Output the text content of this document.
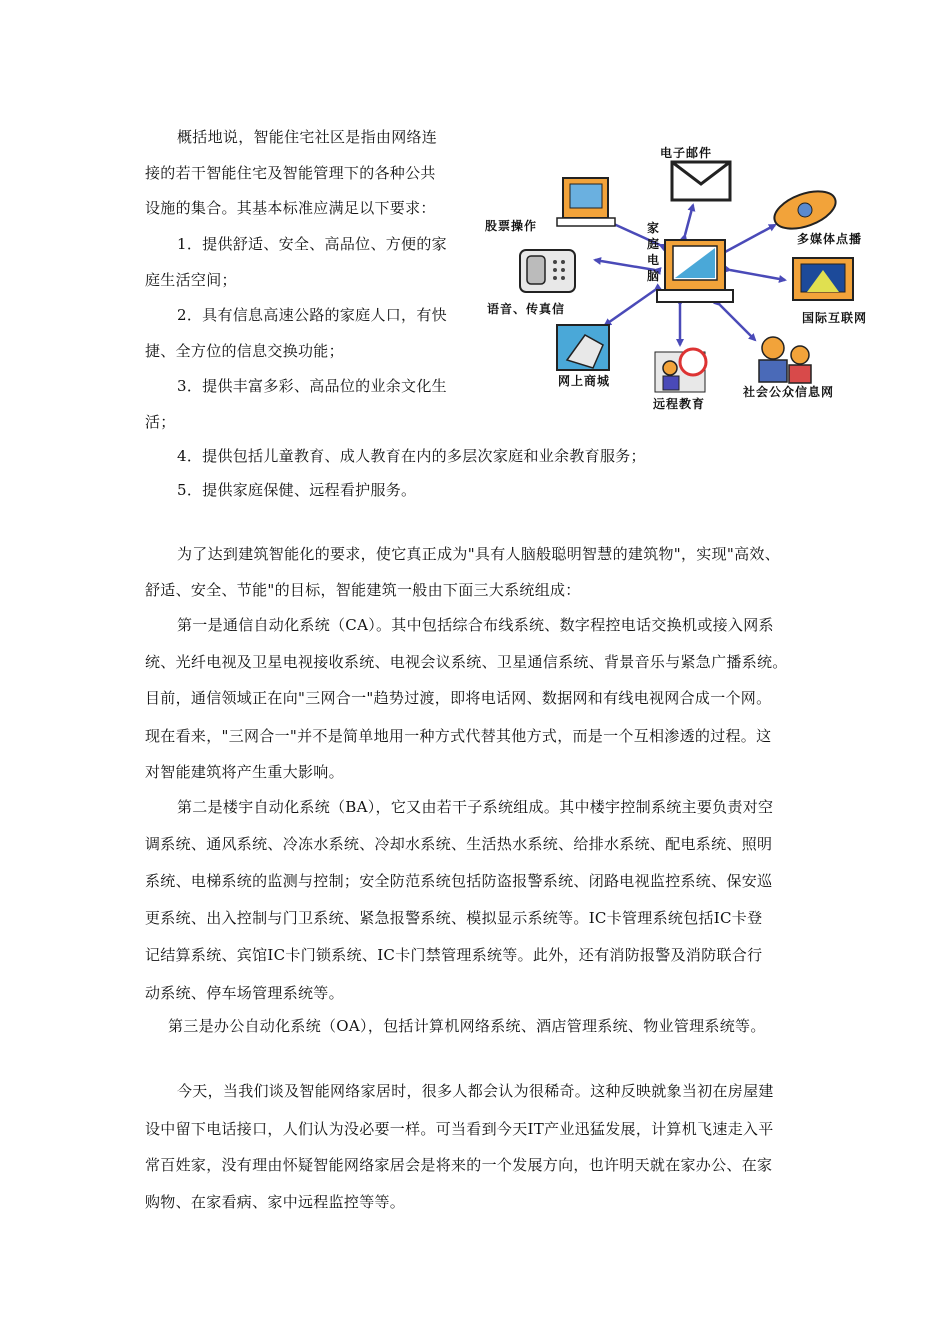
概括地说，智能住宅社区是指由网络连
接的若干智能住宅及智能管理下的各种公共
设施的集合。其基本标准应满足以下要求：
1．提供舒适、安全、高品位、方便的家
庭生活空间；
2．具有信息高速公路的家庭人口，有快
捷、全方位的信息交换功能；
3．提供丰富多彩、高品位的业余文化生
活；
4．提供包括儿童教育、成人教育在内的多层次家庭和业余教育服务；
5．提供家庭保健、远程看护服务。
家
庭
电
脑
电子邮件
股票操作
多媒体点播
语音、传真信
国际互联网
网上商城
远程教育
社会公众信息网
为了达到建筑智能化的要求，使它真正成为"具有人脑般聪明智慧的建筑物"，实现"高效、
舒适、安全、节能"的目标，智能建筑一般由下面三大系统组成：
第一是通信自动化系统（CA）。其中包括综合布线系统、数字程控电话交换机或接入网系
统、光纤电视及卫星电视接收系统、电视会议系统、卫星通信系统、背景音乐与紧急广播系统。
目前，通信领域正在向"三网合一"趋势过渡，即将电话网、数据网和有线电视网合成一个网。
现在看来，"三网合一"并不是简单地用一种方式代替其他方式，而是一个互相渗透的过程。这
对智能建筑将产生重大影响。
第二是楼宇自动化系统（BA），它又由若干子系统组成。其中楼宇控制系统主要负责对空
调系统、通风系统、冷冻水系统、冷却水系统、生活热水系统、给排水系统、配电系统、照明
系统、电梯系统的监测与控制；安全防范系统包括防盗报警系统、闭路电视监控系统、保安巡
更系统、出入控制与门卫系统、紧急报警系统、模拟显示系统等。IC卡管理系统包括IC卡登
记结算系统、宾馆IC卡门锁系统、IC卡门禁管理系统等。此外，还有消防报警及消防联合行
动系统、停车场管理系统等。
第三是办公自动化系统（OA），包括计算机网络系统、酒店管理系统、物业管理系统等。
今天，当我们谈及智能网络家居时，很多人都会认为很稀奇。这种反映就象当初在房屋建
设中留下电话接口，人们认为没必要一样。可当看到今天IT产业迅猛发展，计算机飞速走入平
常百姓家，没有理由怀疑智能网络家居会是将来的一个发展方向，也许明天就在家办公、在家
购物、在家看病、家中远程监控等等。
